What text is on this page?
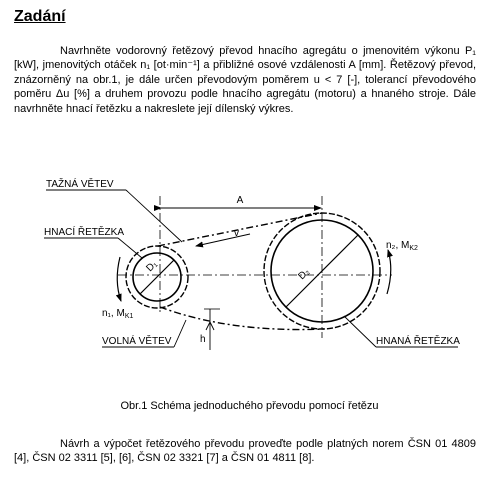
Zadání

Navrhněte vodorovný řetězový převod hnacího agregátu o jmenovitém výkonu P₁ [kW], jmenovitých otáček n₁ [ot·min⁻¹] a přibližné osové vzdálenosti A [mm]. Řetězový převod, znázorněný na obr.1, je dále určen převodovým poměrem u < 7 [-], tolerancí převodového poměru Δu [%] a druhem provozu podle hnacího agregátu (motoru) a hnaného stroje. Dále navrhněte hnací řetězku a nakreslete její dílenský výkres.

A
v
h
D₁
D₂
TAŽNÁ VĚTEV
HNACÍ ŘETĚZKA
VOLNÁ VĚTEV	HNANÁ ŘETĚZKA
n₁, $M_{K1}$
n₂, $M_{K2}$

Obr.1 Schéma jednoduchého převodu pomocí řetězu

Návrh a výpočet řetězového převodu proveďte podle platných norem ČSN 01 4809 [4], ČSN 02 3311 [5], [6], ČSN 02 3321 [7] a ČSN 01 4811 [8].
